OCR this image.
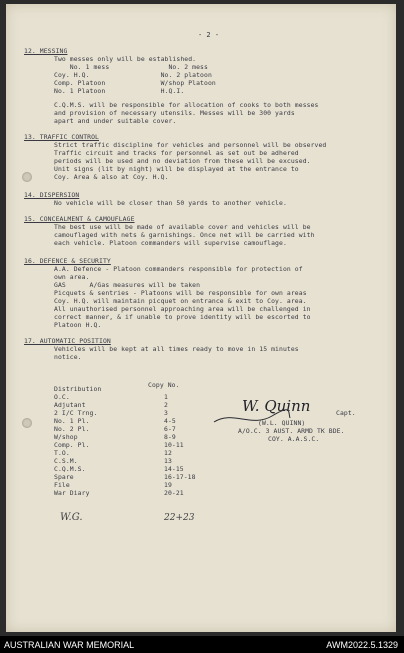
- 2 -
12. MESSING
Two messes only will be established.
No. 1 mess               No. 2 mess
Coy. H.Q.                  No. 2 platoon
Comp. Platoon              W/shop Platoon
No. 1 Platoon              H.Q.I.
C.Q.M.S. will be responsible for allocation of cooks to both messes
and provision of necessary utensils. Messes will be 300 yards
apart and under suitable cover.
13. TRAFFIC CONTROL
Strict traffic discipline for vehicles and personnel will be observed
Traffic circuit and tracks for personnel as set out be adhered
periods will be used and no deviation from these will be excused.
Unit signs (lit by night) will be displayed at the entrance to
Coy. Area & also at Coy. H.Q.
14. DISPERSION
No vehicle will be closer than 50 yards to another vehicle.
15. CONCEALMENT & CAMOUFLAGE
The best use will be made of available cover and vehicles will be
camouflaged with nets & garnishings. Once net will be carried with
each vehicle. Platoon commanders will supervise camouflage.
16. DEFENCE & SECURITY
A.A. Defence - Platoon commanders responsible for protection of
own area.
GAS      A/Gas measures will be taken
Picquets & sentries - Platoons will be responsible for own areas
Coy. H.Q. will maintain picquet on entrance & exit to Coy. area.
All unauthorised personnel approaching area will be challenged in
correct manner, & if unable to prove identity will be escorted to
Platoon H.Q.
17. AUTOMATIC POSITION
Vehicles will be kept at all times ready to move in 15 minutes
notice.
Distribution	Copy No.
O.C.	1
Adjutant	2
2 I/C Trng.	3
No. 1 Pl.	4-5
No. 2 Pl.	6-7
W/shop	8-9
Comp. Pl.	10-11
T.O.	12
C.S.M.	13
C.Q.M.S.	14-15
Spare	16-17-18
File	19
War Diary	20-21
W. Quinn	Capt.
(W.L. QUINN)
A/O.C. 3 AUST. ARMD TK BDE.
COY. A.A.S.C.
W.G.	22+23
AUSTRALIAN WAR MEMORIAL	AWM2022.5.1329
